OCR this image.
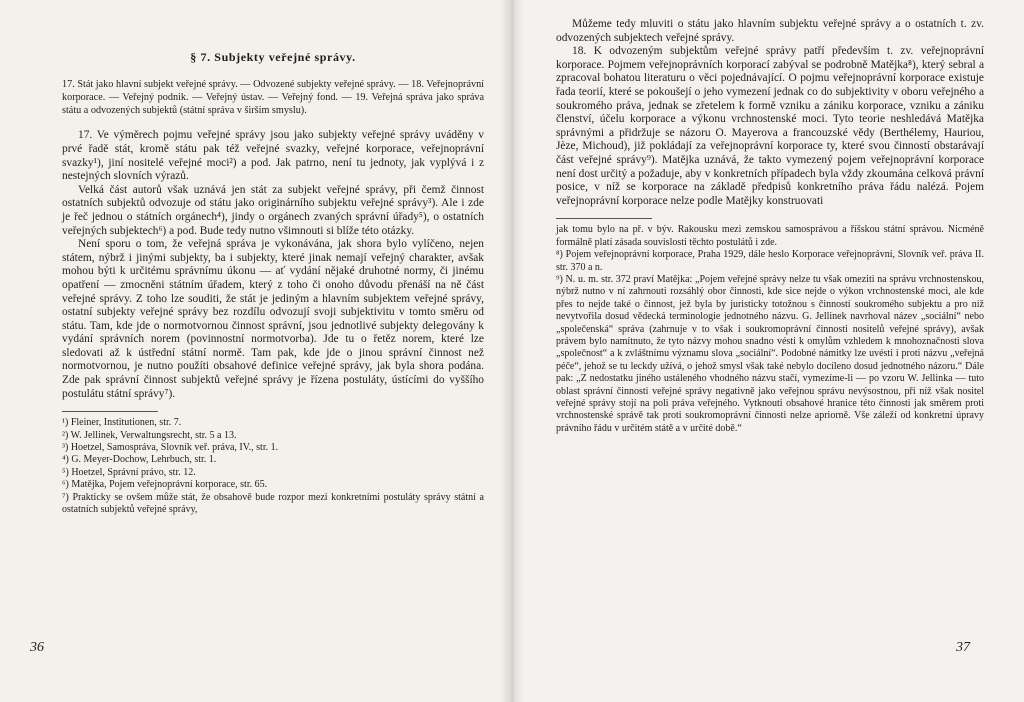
§ 7. Subjekty veřejné správy.
17. Stát jako hlavní subjekt veřejné správy. — Odvozené subjekty veřejné správy. — 18. Veřejnoprávní korporace. — Veřejný podnik. — Veřejný ústav. — Veřejný fond. — 19. Veřejná správa jako správa státu a odvozených subjektů (státní správa v širším smyslu).

17. Ve výměrech pojmu veřejné správy jsou jako subjekty veřejné správy uváděny v prvé řadě stát, kromě státu pak též veřejné svazky, veřejné korporace, veřejnoprávní svazky¹), jiní nositelé veřejné moci²) a pod. Jak patrno, není tu jednoty, jak vyplývá i z nestejných slovních výrazů.

Velká část autorů však uznává jen stát za subjekt veřejné správy, při čemž činnost ostatních subjektů odvozuje od státu jako originárního subjektu veřejné správy³). Ale i zde je řeč jednou o státních orgánech⁴), jindy o orgánech zvaných správní úřady⁵), o ostatních veřejných subjektech⁶) a pod. Bude tedy nutno všimnouti si blíže této otázky.

Není sporu o tom, že veřejná správa je vykonávána, jak shora bylo vylíčeno, nejen státem, nýbrž i jinými subjekty, ba i subjekty, které jinak nemají veřejný charakter, avšak mohou býti k určitému správnímu úkonu — ať vydání nějaké druhotné normy, či jinému opatření — zmocněni státním úřadem, který z toho či onoho důvodu přenáší na ně část veřejné správy. Z toho lze souditi, že stát je jediným a hlavním subjektem veřejné správy, ostatní subjekty veřejné správy bez rozdílu odvozují svoji subjektivitu v tomto směru od státu. Tam, kde jde o normotvornou činnost správní, jsou jednotlivé subjekty delegovány k vydání správních norem (povinnostní normotvorba). Jde tu o řetěz norem, které lze sledovati až k ústřední státní normě. Tam pak, kde jde o jinou správní činnost než normotvornou, je nutno použíti obsahové definice veřejné správy, jak byla shora podána. Zde pak správní činnost subjektů veřejné správy je řízena postuláty, ústícími do vyššího postulátu státní správy⁷).

¹) Fleiner, Institutionen, str. 7.
²) W. Jellinek, Verwaltungsrecht, str. 5 a 13.
³) Hoetzel, Samospráva, Slovník veř. práva, IV., str. 1.
⁴) G. Meyer-Dochow, Lehrbuch, str. 1.
⁵) Hoetzel, Správní právo, str. 12.
⁶) Matějka, Pojem veřejnoprávní korporace, str. 65.
⁷) Prakticky se ovšem může stát, že obsahově bude rozpor mezi konkretními postuláty správy státní a ostatních subjektů veřejné správy,
36

Můžeme tedy mluviti o státu jako hlavním subjektu veřejné správy a o ostatních t. zv. odvozených subjektech veřejné správy.

18. K odvozeným subjektům veřejné správy patří především t. zv. veřejnoprávní korporace. Pojmem veřejnoprávních korporací zabýval se podrobně Matějka⁸), který sebral a zpracoval bohatou literaturu o věci pojednávající. O pojmu veřejnoprávní korporace existuje řada teorií, které se pokoušejí o jeho vymezení jednak co do subjektivity v oboru veřejného a soukromého práva, jednak se zřetelem k formě vzniku a zániku korporace, vzniku a zániku členství, účelu korporace a výkonu vrchnostenské moci. Tyto teorie neshledává Matějka správnými a přidržuje se názoru O. Mayerova a francouzské vědy (Berthélemy, Hauriou, Jèze, Michoud), již pokládají za veřejnoprávní korporace ty, které svou činností obstarávají část veřejné správy⁹). Matějka uznává, že takto vymezený pojem veřejnoprávní korporace není dost určitý a požaduje, aby v konkretních případech byla vždy zkoumána celková právní posice, v níž se korporace na základě předpisů konkretního práva řádu nalézá. Pojem veřejnoprávní korporace nelze podle Matějky konstruovati

jak tomu bylo na př. v býv. Rakousku mezi zemskou samosprávou a říšskou státní správou. Nicméně formálně platí zásada souvislosti těchto postulátů i zde.
⁸) Pojem veřejnoprávní korporace, Praha 1929, dále heslo Korporace veřejnoprávní, Slovník veř. práva II. str. 370 a n.
⁹) N. u. m. str. 372 praví Matějka: „Pojem veřejné správy nelze tu však omeziti na správu vrchnostenskou, nýbrž nutno v ní zahrnouti rozsáhlý obor činnosti, kde sice nejde o výkon vrchnostenské moci, ale kde přes to nejde také o činnost, jež byla by juristicky totožnou s činností soukromého subjektu a pro níž nevytvořila dosud vědecká terminologie jednotného názvu. G. Jellinek navrhoval název „sociální“ nebo „společenská“ správa (zahrnuje v to však i soukromoprávní činnosti nositelů veřejné správy), avšak právem bylo namítnuto, že tyto názvy mohou snadno vésti k omylům vzhledem k mnohoznačnosti slova „společnost“ a k zvláštnímu významu slova „sociální“. Podobné námitky lze uvésti i proti názvu „veřejná péče“, jehož se tu leckdy užívá, o jehož smysl však také nebylo docíleno dosud jednotného názoru.“ Dále pak: „Z nedostatku jiného ustáleného vhodného názvu stačí, vymezíme-li — po vzoru W. Jellinka — tuto oblast správní činnosti veřejné správy negativně jako veřejnou správu nevýsostnou, při níž však nositel veřejné správy stojí na poli práva veřejného. Vytknouti obsahové hranice této činnosti jak směrem proti vrchnostenské správě tak proti soukromoprávní činnosti nelze apriorně. Vše záleží od konkretní úpravy právního řádu v určitém státě a v určité době.“
37
